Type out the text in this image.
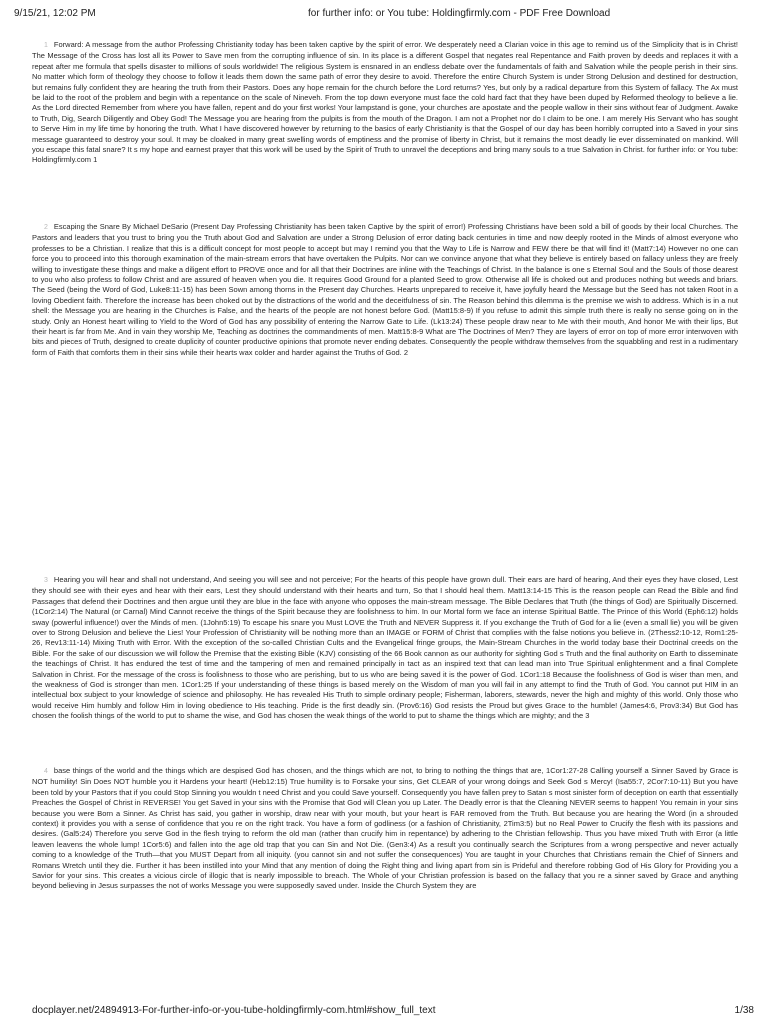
9/15/21, 12:02 PM	for further info: or You tube: Holdingfirmly.com - PDF Free Download
1 Forward: A message from the author Professing Christianity today has been taken captive by the spirit of error. We desperately need a Clarian voice in this age to remind us of the Simplicity that is in Christ! The Message of the Cross has lost all its Power to Save men from the corrupting influence of sin. In its place is a different Gospel that negates real Repentance and Faith proven by deeds and replaces it with a repeat after me formula that spells disaster to millions of souls worldwide! The religious System is ensnared in an endless debate over the fundamentals of faith and Salvation while the people perish in their sins. No matter which form of theology they choose to follow it leads them down the same path of error they desire to avoid. Therefore the entire Church System is under Strong Delusion and destined for destruction, but remains fully confident they are hearing the truth from their Pastors. Does any hope remain for the church before the Lord returns? Yes, but only by a radical departure from this System of fallacy. The Ax must be laid to the root of the problem and begin with a repentance on the scale of Nineveh. From the top down everyone must face the cold hard fact that they have been duped by Reformed theology to believe a lie. As the Lord directed Remember from where you have fallen, repent and do your first works! Your lampstand is gone, your churches are apostate and the people wallow in their sins without fear of Judgment. Awake to Truth, Dig, Search Diligently and Obey God! The Message you are hearing from the pulpits is from the mouth of the Dragon. I am not a Prophet nor do I claim to be one. I am merely His Servant who has sought to Serve Him in my life time by honoring the truth. What I have discovered however by returning to the basics of early Christianity is that the Gospel of our day has been horribly corrupted into a Saved in your sins message guaranteed to destroy your soul. It may be cloaked in many great swelling words of emptiness and the promise of liberty in Christ, but it remains the most deadly lie ever disseminated on mankind. Will you escape this fatal snare? It s my hope and earnest prayer that this work will be used by the Spirit of Truth to unravel the deceptions and bring many souls to a true Salvation in Christ. for further info: or You tube: Holdingfirmly.com 1
2 Escaping the Snare By Michael DeSario (Present Day Professing Christianity has been taken Captive by the spirit of error!) Professing Christians have been sold a bill of goods by their local Churches. The Pastors and leaders that you trust to bring you the Truth about God and Salvation are under a Strong Delusion of error dating back centuries in time and now deeply rooted in the Minds of almost everyone who professes to be a Christian. I realize that this is a difficult concept for most people to accept but may I remind you that the Way to Life is Narrow and FEW there be that will find it! (Matt7:14) However no one can force you to proceed into this thorough examination of the main-stream errors that have overtaken the Pulpits. Nor can we convince anyone that what they believe is entirely based on fallacy unless they are freely willing to investigate these things and make a diligent effort to PROVE once and for all that their Doctrines are inline with the Teachings of Christ. In the balance is one s Eternal Soul and the Souls of those dearest to you who also profess to follow Christ and are assured of heaven when you die. It requires Good Ground for a planted Seed to grow. Otherwise all life is choked out and produces nothing but weeds and briars. The Seed (being the Word of God, Luke8:11-15) has been Sown among thorns in the Present day Churches. Hearts unprepared to receive it, have joyfully heard the Message but the Seed has not taken Root in a loving Obedient faith. Therefore the increase has been choked out by the distractions of the world and the deceitfulness of sin. The Reason behind this dilemma is the premise we wish to address. Which is in a nut shell: the Message you are hearing in the Churches is False, and the hearts of the people are not honest before God. (Matt15:8-9) If you refuse to admit this simple truth there is really no sense going on in the study. Only an Honest heart willing to Yield to the Word of God has any possibility of entering the Narrow Gate to Life. (Lk13:24) These people draw near to Me with their mouth, And honor Me with their lips, But their heart is far from Me. And in vain they worship Me, Teaching as doctrines the commandments of men. Matt15:8-9 What are The Doctrines of Men? They are layers of error on top of more error interwoven with bits and pieces of Truth, designed to create duplicity of counter productive opinions that promote never ending debates. Consequently the people withdraw themselves from the squabbling and rest in a rudimentary form of Faith that comforts them in their sins while their hearts wax colder and harder against the Truths of God. 2
3 Hearing you will hear and shall not understand, And seeing you will see and not perceive; For the hearts of this people have grown dull. Their ears are hard of hearing, And their eyes they have closed, Lest they should see with their eyes and hear with their ears, Lest they should understand with their hearts and turn, So that I should heal them. Matt13:14-15 This is the reason people can Read the Bible and find Passages that defend their Doctrines and then argue until they are blue in the face with anyone who opposes the main-stream message. The Bible Declares that Truth (the things of God) are Spiritually Discerned. (1Cor2:14) The Natural (or Carnal) Mind Cannot receive the things of the Spirit because they are foolishness to him. In our Mortal form we face an intense Spiritual Battle. The Prince of this World (Eph6:12) holds sway (powerful influence!) over the Minds of men. (1John5:19) To escape his snare you Must LOVE the Truth and NEVER Suppress it. If you exchange the Truth of God for a lie (even a small lie) you will be given over to Strong Delusion and believe the Lies! Your Profession of Christianity will be nothing more than an IMAGE or FORM of Christ that complies with the false notions you believe in. (2Thess2:10-12, Rom1:25-26, Rev13:11-14) Mixing Truth with Error. With the exception of the so-called Christian Cults and the Evangelical fringe groups, the Main-Stream Churches in the world today base their Doctrinal creeds on the Bible. For the sake of our discussion we will follow the Premise that the existing Bible (KJV) consisting of the 66 Book cannon as our authority for sighting God s Truth and the final authority on Earth to disseminate the teachings of Christ. It has endured the test of time and the tampering of men and remained principally in tact as an inspired text that can lead man into True Spiritual enlightenment and a final Complete Salvation in Christ. For the message of the cross is foolishness to those who are perishing, but to us who are being saved it is the power of God. 1Cor1:18 Because the foolishness of God is wiser than men, and the weakness of God is stronger than men. 1Cor1:25 If your understanding of these things is based merely on the Wisdom of man you will fail in any attempt to find the Truth of God. You cannot put HIM in an intellectual box subject to your knowledge of science and philosophy. He has revealed His Truth to simple ordinary people; Fisherman, laborers, stewards, never the high and mighty of this world. Only those who would receive Him humbly and follow Him in loving obedience to His teaching. Pride is the first deadly sin. (Prov6:16) God resists the Proud but gives Grace to the humble! (James4:6, Prov3:34) But God has chosen the foolish things of the world to put to shame the wise, and God has chosen the weak things of the world to put to shame the things which are mighty; and the 3
4 base things of the world and the things which are despised God has chosen, and the things which are not, to bring to nothing the things that are, 1Cor1:27-28 Calling yourself a Sinner Saved by Grace is NOT humility! Sin Does NOT humble you it Hardens your heart! (Heb12:15) True humility is to Forsake your sins, Get CLEAR of your wrong doings and Seek God s Mercy! (Isa55:7, 2Cor7:10-11) But you have been told by your Pastors that if you could Stop Sinning you wouldn t need Christ and you could Save yourself. Consequently you have fallen prey to Satan s most sinister form of deception on earth that essentially Preaches the Gospel of Christ in REVERSE! You get Saved in your sins with the Promise that God will Clean you up Later. The Deadly error is that the Cleaning NEVER seems to happen! You remain in your sins because you were Born a Sinner. As Christ has said, you gather in worship, draw near with your mouth, but your heart is FAR removed from the Truth. But because you are hearing the Word (in a shrouded context) it provides you with a sense of confidence that you re on the right track. You have a form of godliness (or a fashion of Christianity, 2Tim3:5) but no Real Power to Crucify the flesh with its passions and desires. (Gal5:24) Therefore you serve God in the flesh trying to reform the old man (rather than crucify him in repentance) by adhering to the Christian fellowship. Thus you have mixed Truth with Error (a little leaven leavens the whole lump! 1Cor5:6) and fallen into the age old trap that you can Sin and Not Die. (Gen3:4) As a result you continually search the Scriptures from a wrong perspective and never actually coming to a knowledge of the Truth—that you MUST Depart from all iniquity. (you cannot sin and not suffer the consequences) You are taught in your Churches that Christians remain the Chief of Sinners and Romans Wretch until they die. Further it has been instilled into your Mind that any mention of doing the Right thing and living apart from sin is Prideful and therefore robbing God of His Glory for Providing you a Savior for your sins. This creates a vicious circle of illogic that is nearly impossible to breach. The Whole of your Christian profession is based on the fallacy that you re a sinner saved by Grace and anything beyond believing in Jesus surpasses the not of works Message you were supposedly saved under. Inside the Church System they are
docplayer.net/24894913-For-further-info-or-you-tube-holdingfirmly-com.html#show_full_text	1/38
